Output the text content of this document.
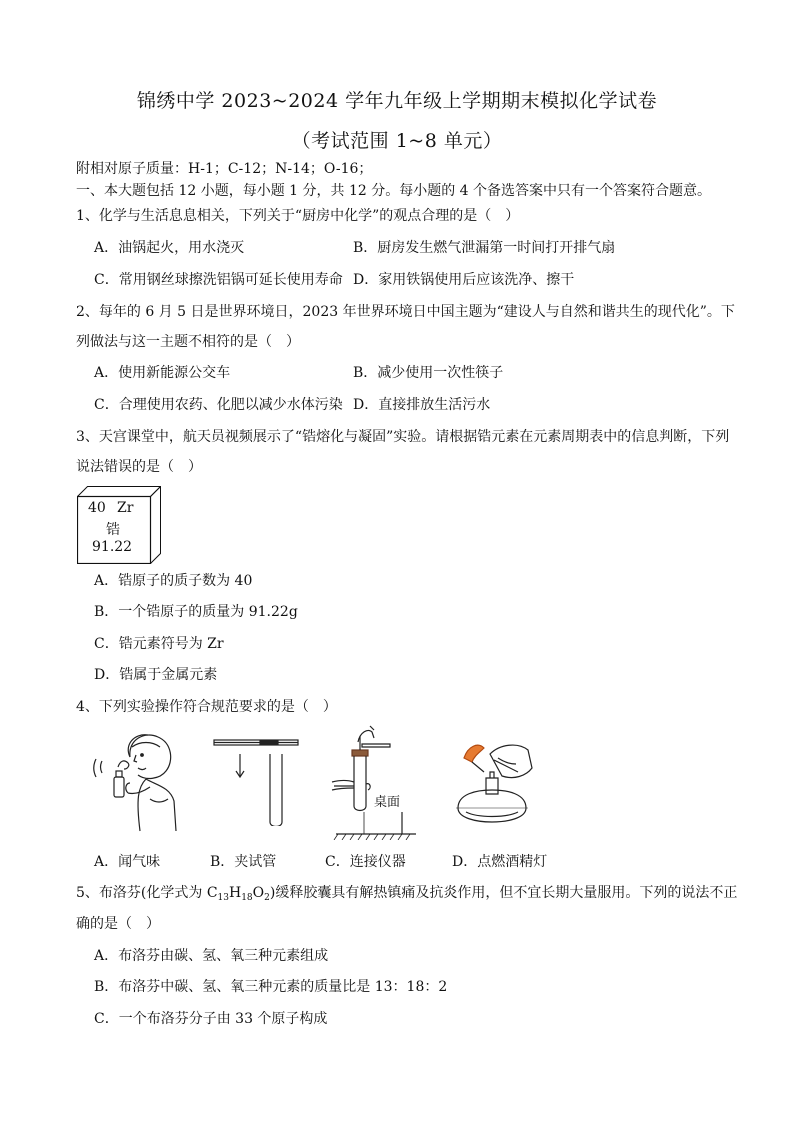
锦绣中学 2023~2024 学年九年级上学期期末模拟化学试卷
（考试范围 1~8 单元）
附相对原子质量：H-1；C-12；N-14；O-16；
一、本大题包括 12 小题，每小题 1 分，共 12 分。每小题的 4 个备选答案中只有一个答案符合题意。
1、化学与生活息息相关，下列关于“厨房中化学”的观点合理的是（　）
A．油锅起火，用水浇灭	B．厨房发生燃气泄漏第一时间打开排气扇
C．常用钢丝球擦洗铝锅可延长使用寿命 D．家用铁锅使用后应该洗净、擦干
2、每年的 6 月 5 日是世界环境日，2023 年世界环境日中国主题为“建设人与自然和谐共生的现代化”。下
列做法与这一主题不相符的是（　）
A．使用新能源公交车	B．减少使用一次性筷子
C．合理使用农药、化肥以减少水体污染 D．直接排放生活污水
3、天宫课堂中，航天员视频展示了“锆熔化与凝固”实验。请根据锆元素在元素周期表中的信息判断，下列
说法错误的是（　）
40 Zr
锆
91.22
A．锆原子的质子数为 40
B．一个锆原子的质量为 91.22g
C．锆元素符号为 Zr
D．锆属于金属元素
4、下列实验操作符合规范要求的是（　）
桌面
A．闻气味	B．夹试管	C．连接仪器	D．点燃酒精灯
5、布洛芬(化学式为 $C_{13}H_{18}O_2$)缓释胶囊具有解热镇痛及抗炎作用，但不宜长期大量服用。下列的说法不正
确的是（　）
A．布洛芬由碳、氢、氧三种元素组成
B．布洛芬中碳、氢、氧三种元素的质量比是 13：18：2
C．一个布洛芬分子由 33 个原子构成
